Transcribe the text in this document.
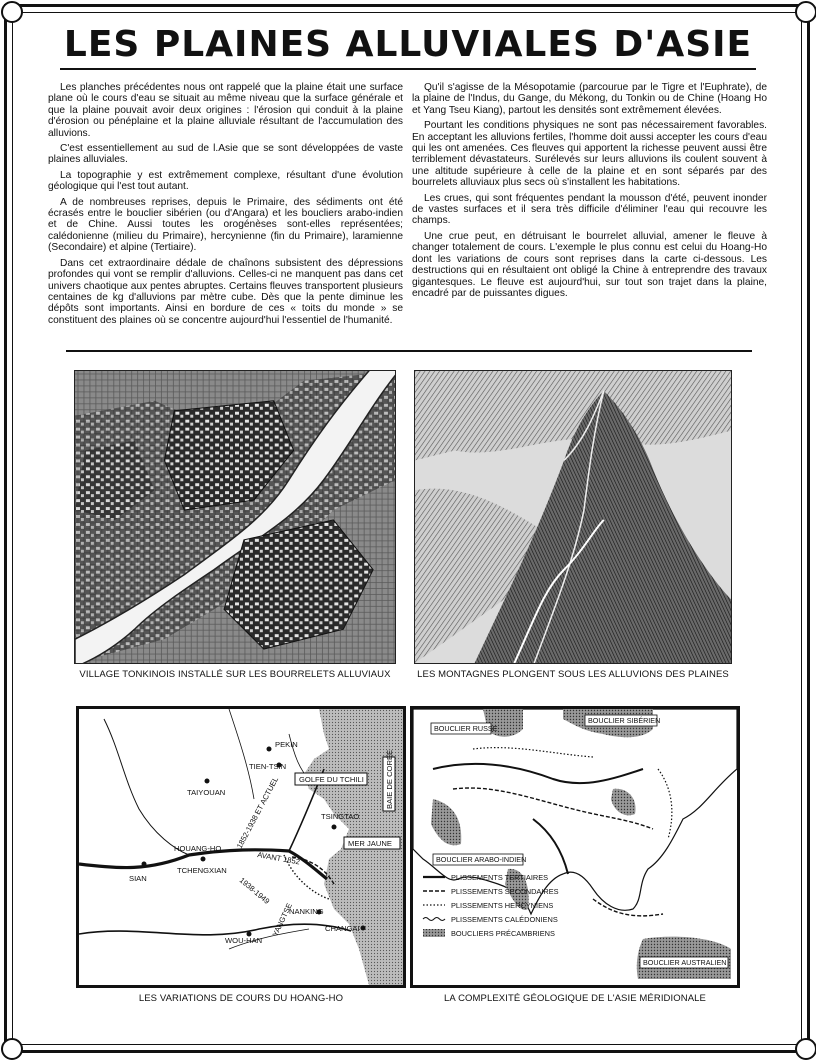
LES PLAINES ALLUVIALES D'ASIE

Les planches précédentes nous ont rappelé que la plaine était une surface plane où le cours d'eau se situait au même niveau que la surface générale et que la plaine pouvait avoir deux origines : l'érosion qui conduit à la plaine d'érosion ou pénéplaine et la plaine alluviale résultant de l'accumulation des alluvions.

C'est essentiellement au sud de l.Asie que se sont développées de vaste plaines alluviales.

La topographie y est extrêmement complexe, résultant d'une évolution géologique qui l'est tout autant.

A de nombreuses reprises, depuis le Primaire, des sédiments ont été écrasés entre le bouclier sibérien (ou d'Angara) et les boucliers arabo-indien et de Chine. Aussi toutes les orogénèses sont-elles représentées; calédonienne (milieu du Primaire), hercynienne (fin du Primaire), laramienne (Secondaire) et alpine (Tertiaire).

Dans cet extraordinaire dédale de chaînons subsistent des dépressions profondes qui vont se remplir d'alluvions. Celles-ci ne manquent pas dans cet univers chaotique aux pentes abruptes. Certains fleuves transportent plusieurs centaines de kg d'alluvions par mètre cube. Dès que la pente diminue les dépôts sont importants. Ainsi en bordure de ces « toits du monde » se constituent des plaines où se concentre aujourd'hui l'essentiel de l'humanité.

Qu'il s'agisse de la Mésopotamie (parcourue par le Tigre et l'Euphrate), de la plaine de l'Indus, du Gange, du Mékong, du Tonkin ou de Chine (Hoang Ho et Yang Tseu Kiang), partout les densités sont extrêmement élevées.

Pourtant les conditions physiques ne sont pas nécessairement favorables. En acceptant les alluvions fertiles, l'homme doit aussi accepter les cours d'eau qui les ont amenées. Ces fleuves qui apportent la richesse peuvent aussi être terriblement dévastateurs. Surélevés sur leurs alluvions ils coulent souvent à une altitude supérieure à celle de la plaine et en sont séparés par des bourrelets alluviaux plus secs où s'installent les habitations.

Les crues, qui sont fréquentes pendant la mousson d'été, peuvent inonder de vastes surfaces et il sera très difficile d'éliminer l'eau qui recouvre les champs.

Une crue peut, en détruisant le bourrelet alluvial, amener le fleuve à changer totalement de cours. L'exemple le plus connu est celui du Hoang-Ho dont les variations de cours sont reprises dans la carte ci-dessous. Les destructions qui en résultaient ont obligé la Chine à entreprendre des travaux gigantesques. Le fleuve est aujourd'hui, sur tout son trajet dans la plaine, encadré par de puissantes digues.

VILLAGE TONKINOIS INSTALLÉ SUR LES BOURRELETS ALLUVIAUX	LES MONTAGNES PLONGENT SOUS LES ALLUVIONS DES PLAINES
PEKIN
TIEN-TSIN
TAIYOUAN
TSINGTAO
SIAN
TCHENGXIAN
NANKING
WOU-HAN
CHANGAI
GOLFE DU TCHILI	BAIE DE CORÉE
MER JAUNE
HOUANG-HO
YANGTSE
1852-1938 ET ACTUEL
AVANT 1852
1938-1949
LES VARIATIONS DE COURS DU HOANG-HO
BOUCLIER RUSSE
BOUCLIER SIBÉRIEN
BOUCLIER ARABO-INDIEN
BOUCLIER AUSTRALIEN
PLISSEMENTS TERTIAIRES
PLISSEMENTS SECONDAIRES
PLISSEMENTS HERCYNIENS
PLISSEMENTS CALÉDONIENS
BOUCLIERS PRÉCAMBRIENS
LA COMPLEXITÉ GÉOLOGIQUE DE L'ASIE MÉRIDIONALE
